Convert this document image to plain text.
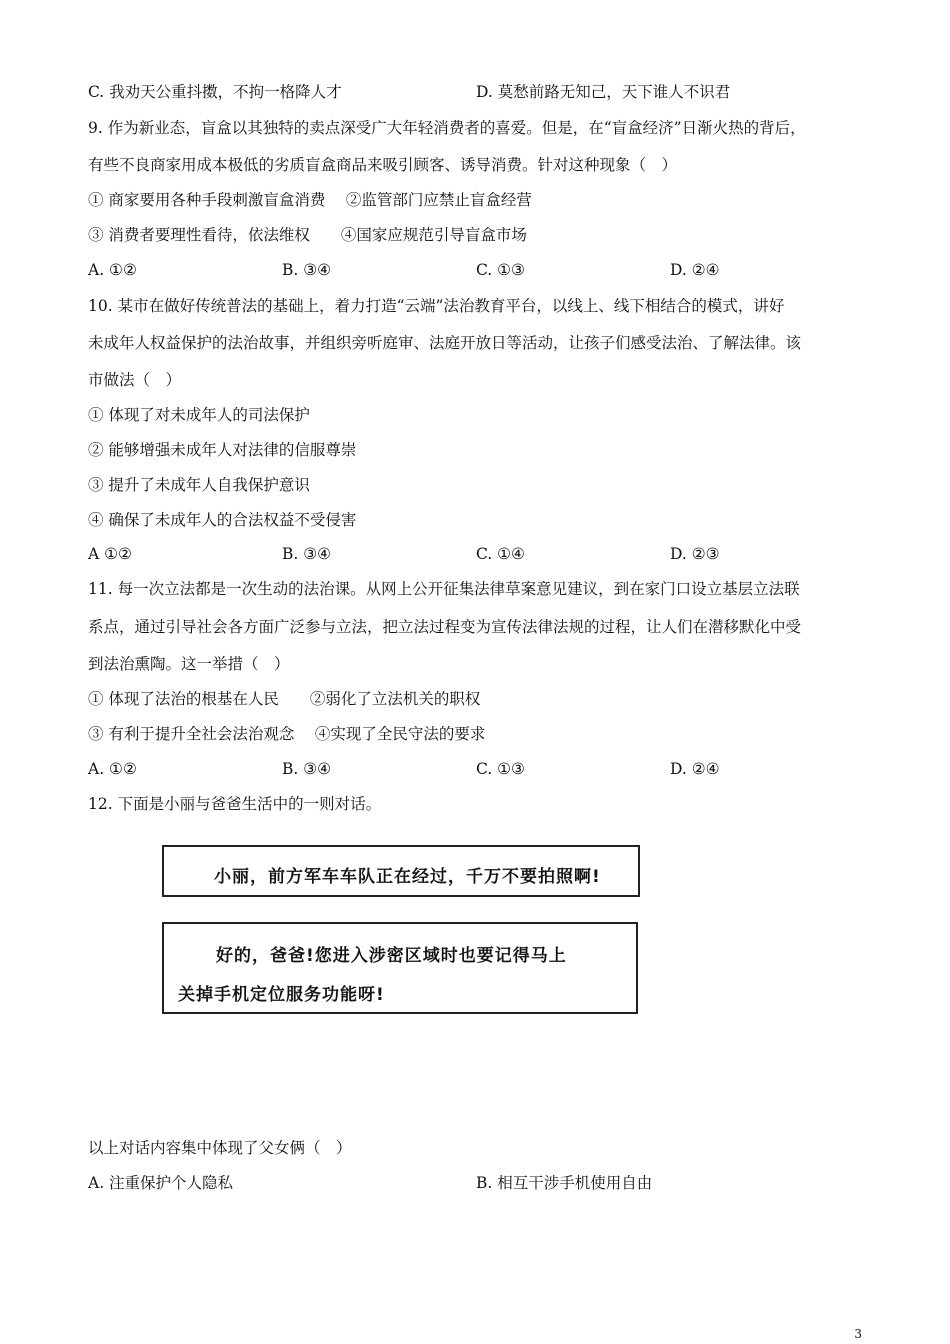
C. 我劝天公重抖擞，不拘一格降人才	D. 莫愁前路无知己，天下谁人不识君
9. 作为新业态，盲盒以其独特的卖点深受广大年轻消费者的喜爱。但是，在“盲盒经济”日渐火热的背后，
有些不良商家用成本极低的劣质盲盒商品来吸引顾客、诱导消费。针对这种现象（　）
① 商家要用各种手段刺激盲盒消费　 ②监管部门应禁止盲盒经营
③ 消费者要理性看待，依法维权　　④国家应规范引导盲盒市场
A. ①②	B. ③④	C. ①③	D. ②④
10. 某市在做好传统普法的基础上，着力打造“云端”法治教育平台，以线上、线下相结合的模式，讲好
未成年人权益保护的法治故事，并组织旁听庭审、法庭开放日等活动，让孩子们感受法治、了解法律。该
市做法（　）
① 体现了对未成年人的司法保护
② 能够增强未成年人对法律的信服尊崇
③ 提升了未成年人自我保护意识
④ 确保了未成年人的合法权益不受侵害
A ①②	B. ③④	C. ①④	D. ②③
11. 每一次立法都是一次生动的法治课。从网上公开征集法律草案意见建议，到在家门口设立基层立法联
系点，通过引导社会各方面广泛参与立法，把立法过程变为宣传法律法规的过程，让人们在潜移默化中受
到法治熏陶。这一举措（　）
① 体现了法治的根基在人民　　②弱化了立法机关的职权
③ 有利于提升全社会法治观念　 ④实现了全民守法的要求
A. ①②	B. ③④	C. ①③	D. ②④
12. 下面是小丽与爸爸生活中的一则对话。
小丽，前方军车车队正在经过，千万不要拍照啊!
好的，爸爸!您进入涉密区域时也要记得马上
关掉手机定位服务功能呀!
以上对话内容集中体现了父女俩（　）
A. 注重保护个人隐私	B. 相互干涉手机使用自由
3
